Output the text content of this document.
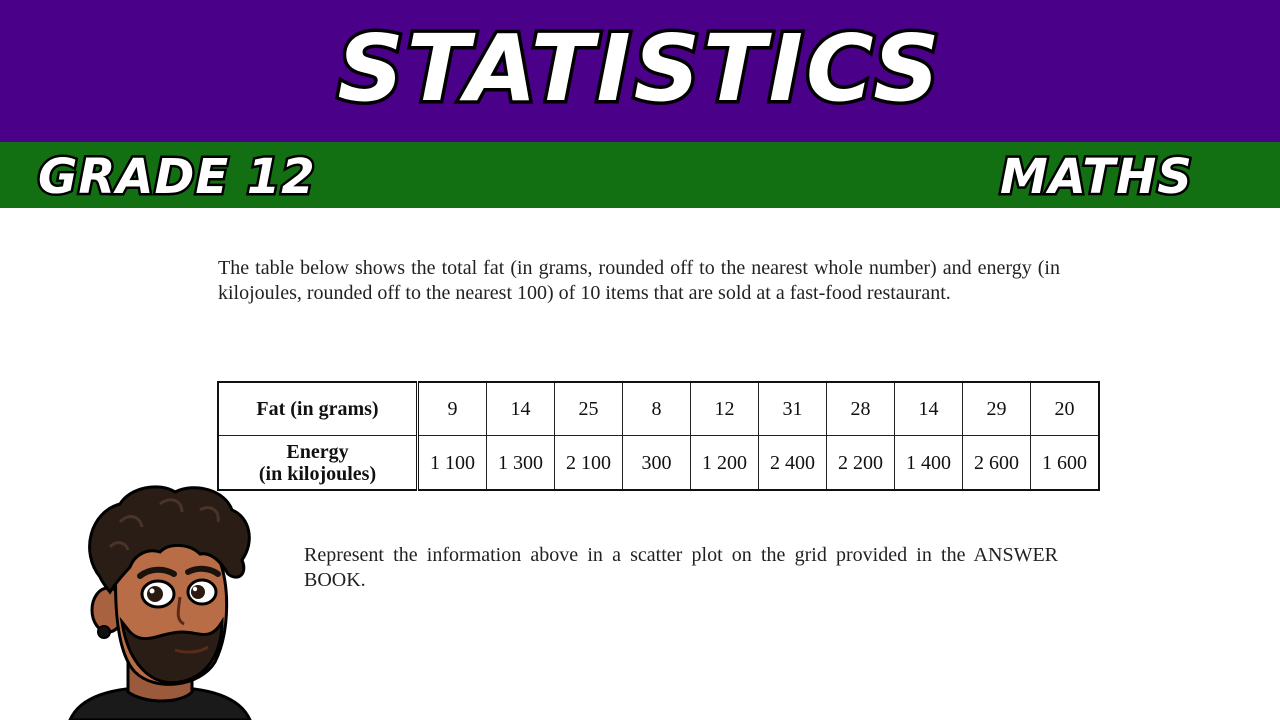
STATISTICS
GRADE 12	MATHS
The table below shows the total fat (in grams, rounded off to the nearest whole number) and energy (in kilojoules, rounded off to the nearest 100) of 10 items that are sold at a fast-food restaurant.
Fat (in grams)	9	14	25	8	12	31	28	14	29	20
Energy
(in kilojoules)	1 100	1 300	2 100	300	1 200	2 400	2 200	1 400	2 600	1 600
Represent the information above in a scatter plot on the grid provided in the ANSWER BOOK.
